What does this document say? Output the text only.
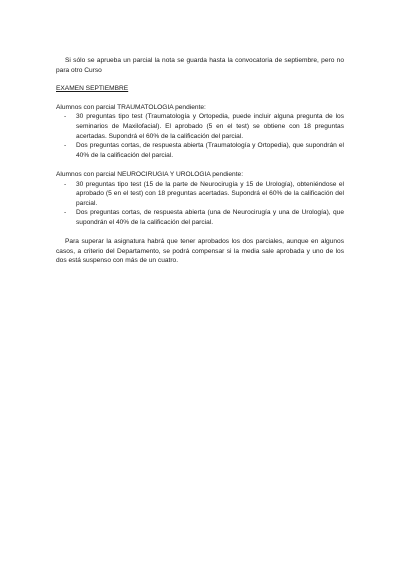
Si sólo se aprueba un parcial la nota se guarda hasta la convocatoria de septiembre, pero no para otro Curso

EXAMEN SEPTIEMBRE

Alumnos con parcial TRAUMATOLOGIA pendiente:

- 30 preguntas tipo test (Traumatología y Ortopedia, puede incluir alguna pregunta de los seminarios de Maxilofacial). El aprobado (5 en el test) se obtiene con 18 preguntas acertadas. Supondrá el 60% de la calificación del parcial.
- Dos preguntas cortas, de respuesta abierta (Traumatología y Ortopedia), que supondrán el 40% de la calificación del parcial.

Alumnos con parcial NEUROCIRUGIA Y UROLOGIA pendiente:

- 30 preguntas tipo test (15 de la parte de Neurocirugía y 15 de Urología), obteniéndose el aprobado (5 en el test) con 18 preguntas acertadas. Supondrá el 60% de la calificación del parcial.
- Dos preguntas cortas, de respuesta abierta (una de Neurocirugía y una de Urología), que supondrán el 40% de la calificación del parcial.

Para superar la asignatura habrá que tener aprobados los dos parciales, aunque en algunos casos, a criterio del Departamento, se podrá compensar si la media sale aprobada y uno de los dos está suspenso con más de un cuatro.
